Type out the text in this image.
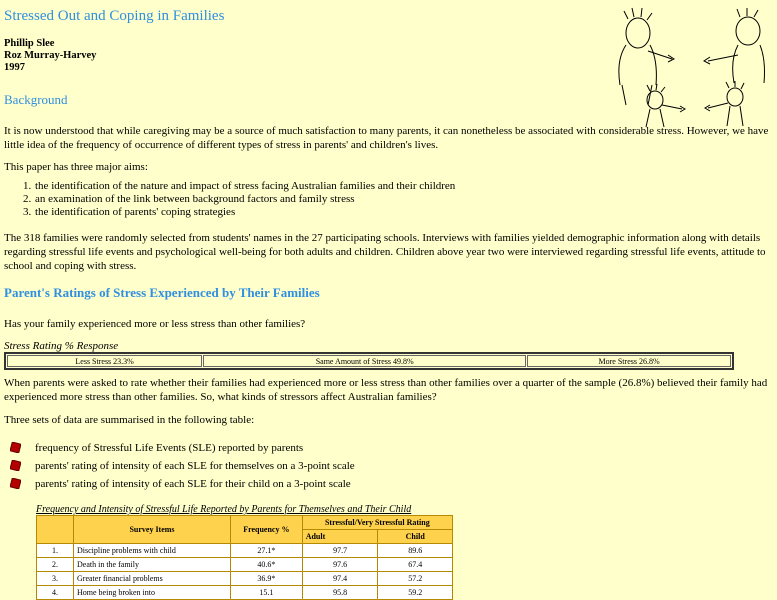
Stressed Out and Coping in Families
Phillip Slee
Roz Murray-Harvey
1997
Background

It is now understood that while caregiving may be a source of much satisfaction to many parents, it can nonetheless be associated with considerable stress. However, we have little idea of the frequency of occurrence of different types of stress in parents' and children's lives.

This paper has three major aims:

1. the identification of the nature and impact of stress facing Australian families and their children
2. an examination of the link between background factors and family stress
3. the identification of parents' coping strategies

The 318 families were randomly selected from students' names in the 27 participating schools. Interviews with families yielded demographic information along with details regarding stressful life events and psychological well-being for both adults and children. Children above year two were interviewed regarding stressful life events, attitude to school and coping with stress.

Parent's Ratings of Stress Experienced by Their Families

Has your family experienced more or less stress than other families?

Stress Rating % Response

Less Stress 23.3%	Same Amount of Stress 49.8%	More Stress 26.8%

When parents were asked to rate whether their families had experienced more or less stress than other families over a quarter of the sample (26.8%) believed their family had experienced more stress than other families. So, what kinds of stressors affect Australian families?

Three sets of data are summarised in the following table:

frequency of Stressful Life Events (SLE) reported by parents
parents' rating of intensity of each SLE for themselves on a 3-point scale
parents' rating of intensity of each SLE for their child on a 3-point scale

Frequency and Intensity of Stressful Life Reported by Parents for Themselves and Their Child

	Survey Items	Frequency %	Stressful/Very Stressful Rating	
			Adult	Child
1.	Discipline problems with child	27.1*	97.7	89.6
2.	Death in the family	40.6*	97.6	67.4
3.	Greater financial problems	36.9*	97.4	57.2
4.	Home being broken into	15.1	95.8	59.2
